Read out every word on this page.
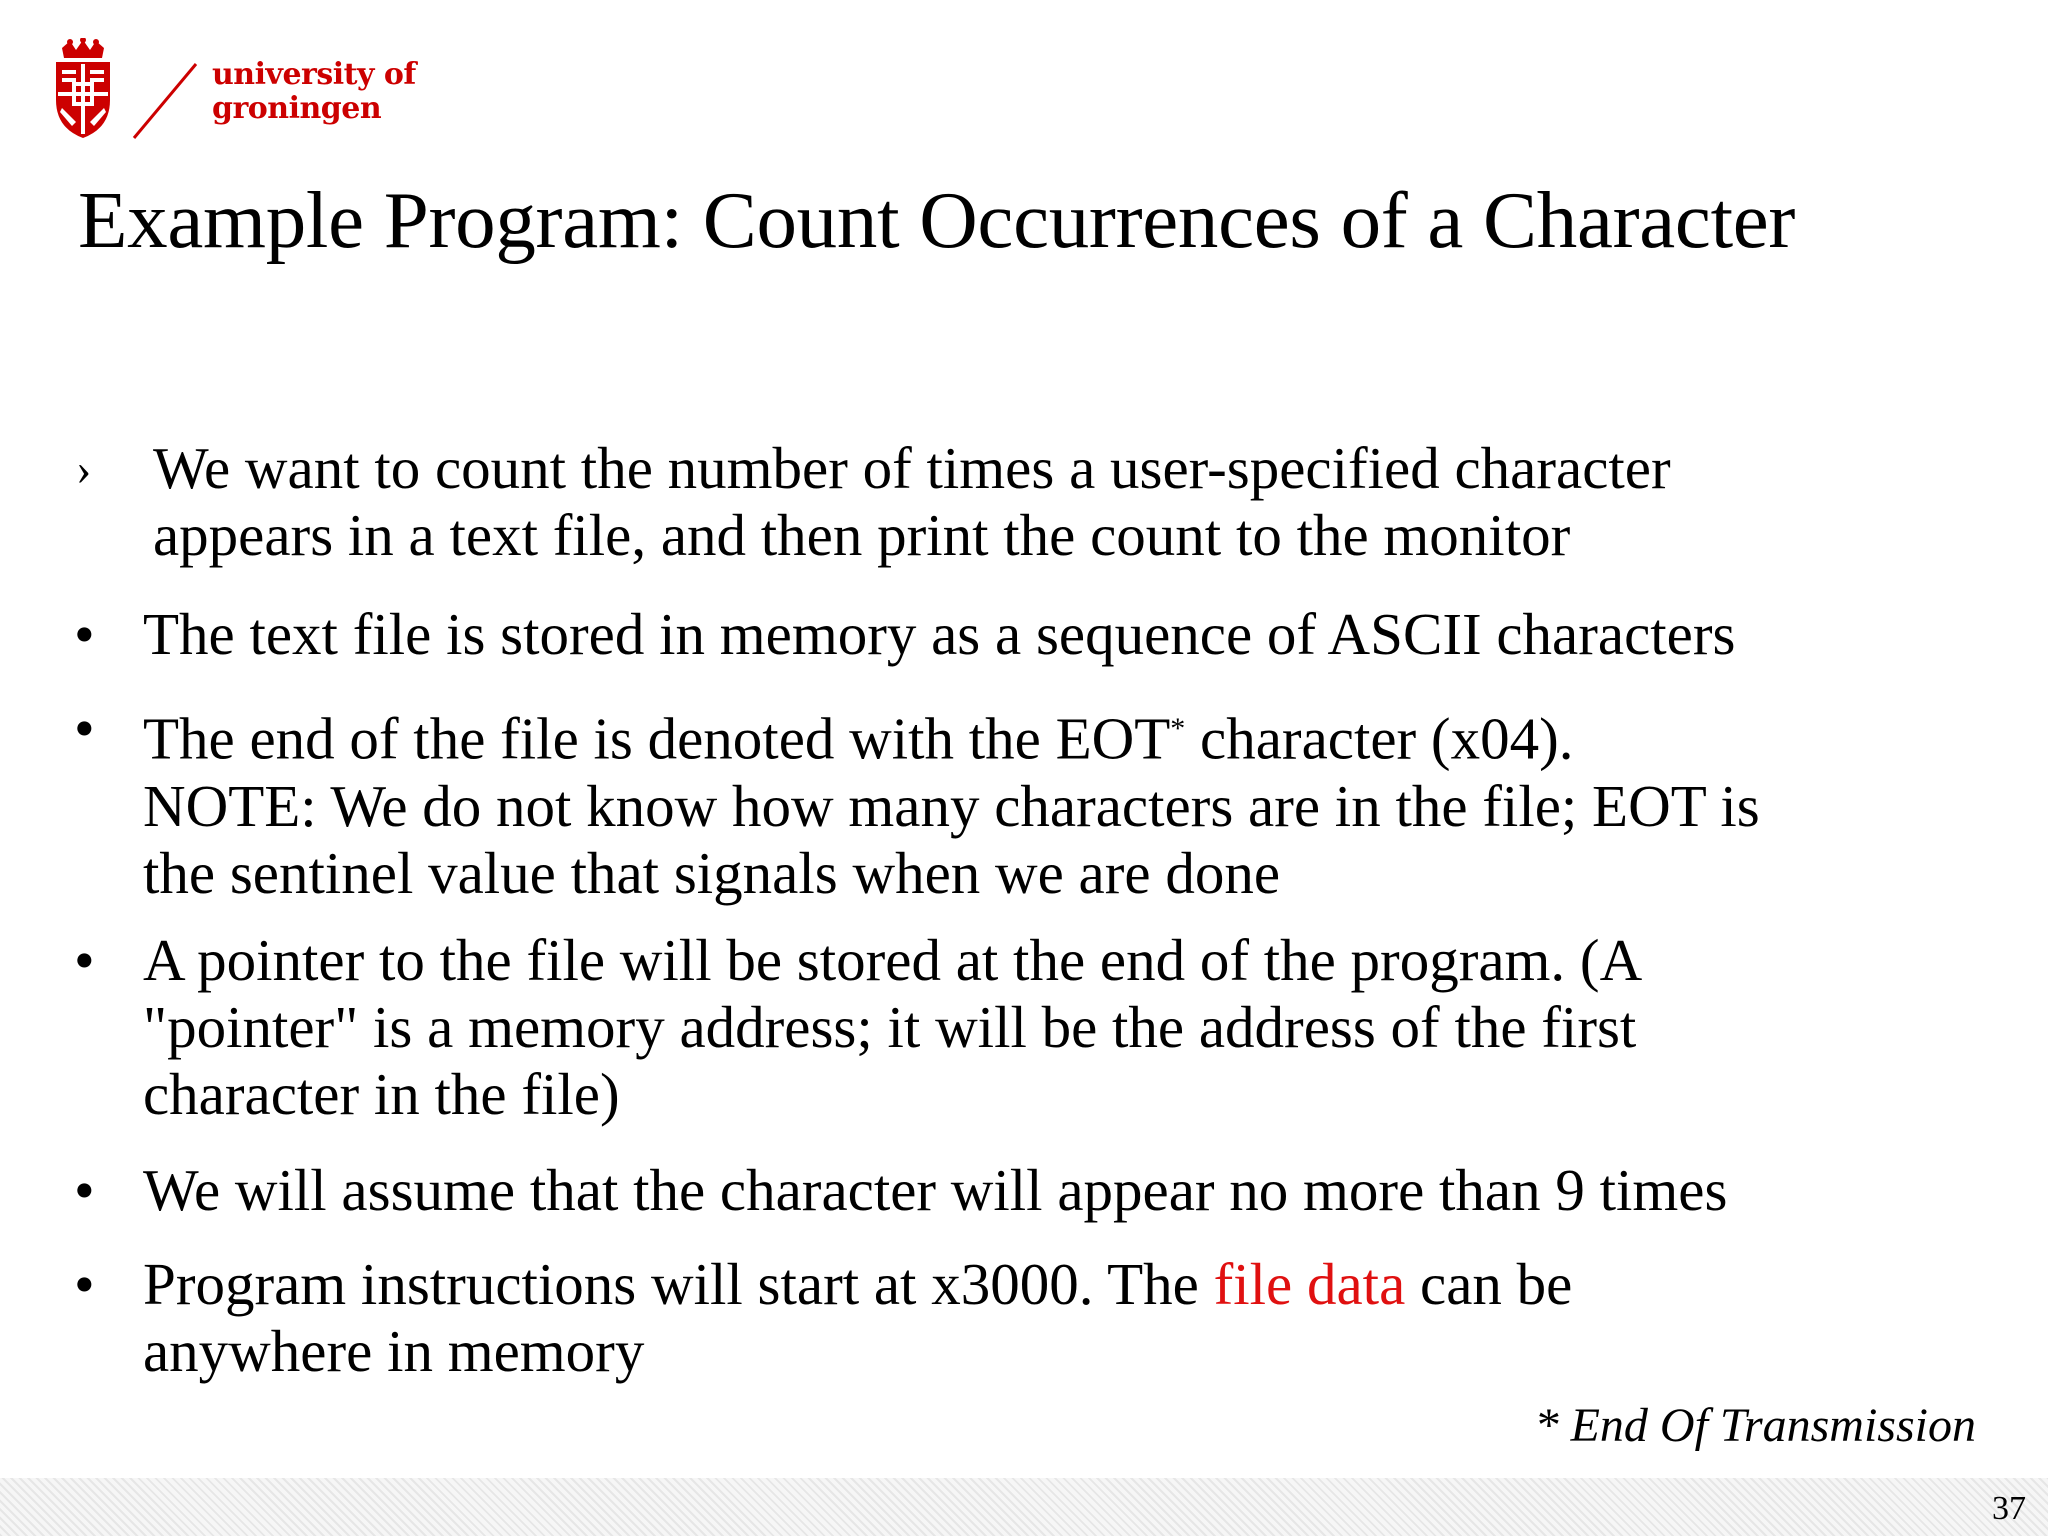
university of
groningen
Example Program: Count Occurrences of a Character
› We want to count the number of times a user-specified character
appears in a text file, and then print the count to the monitor
• The text file is stored in memory as a sequence of ASCII characters
• The end of the file is denoted with the EOT* character (x04).
NOTE: We do not know how many characters are in the file; EOT is
the sentinel value that signals when we are done
• A pointer to the file will be stored at the end of the program. (A
"pointer" is a memory address; it will be the address of the first
character in the file)
• We will assume that the character will appear no more than 9 times
• Program instructions will start at x3000. The file data can be
anywhere in memory
* End Of Transmission
37
